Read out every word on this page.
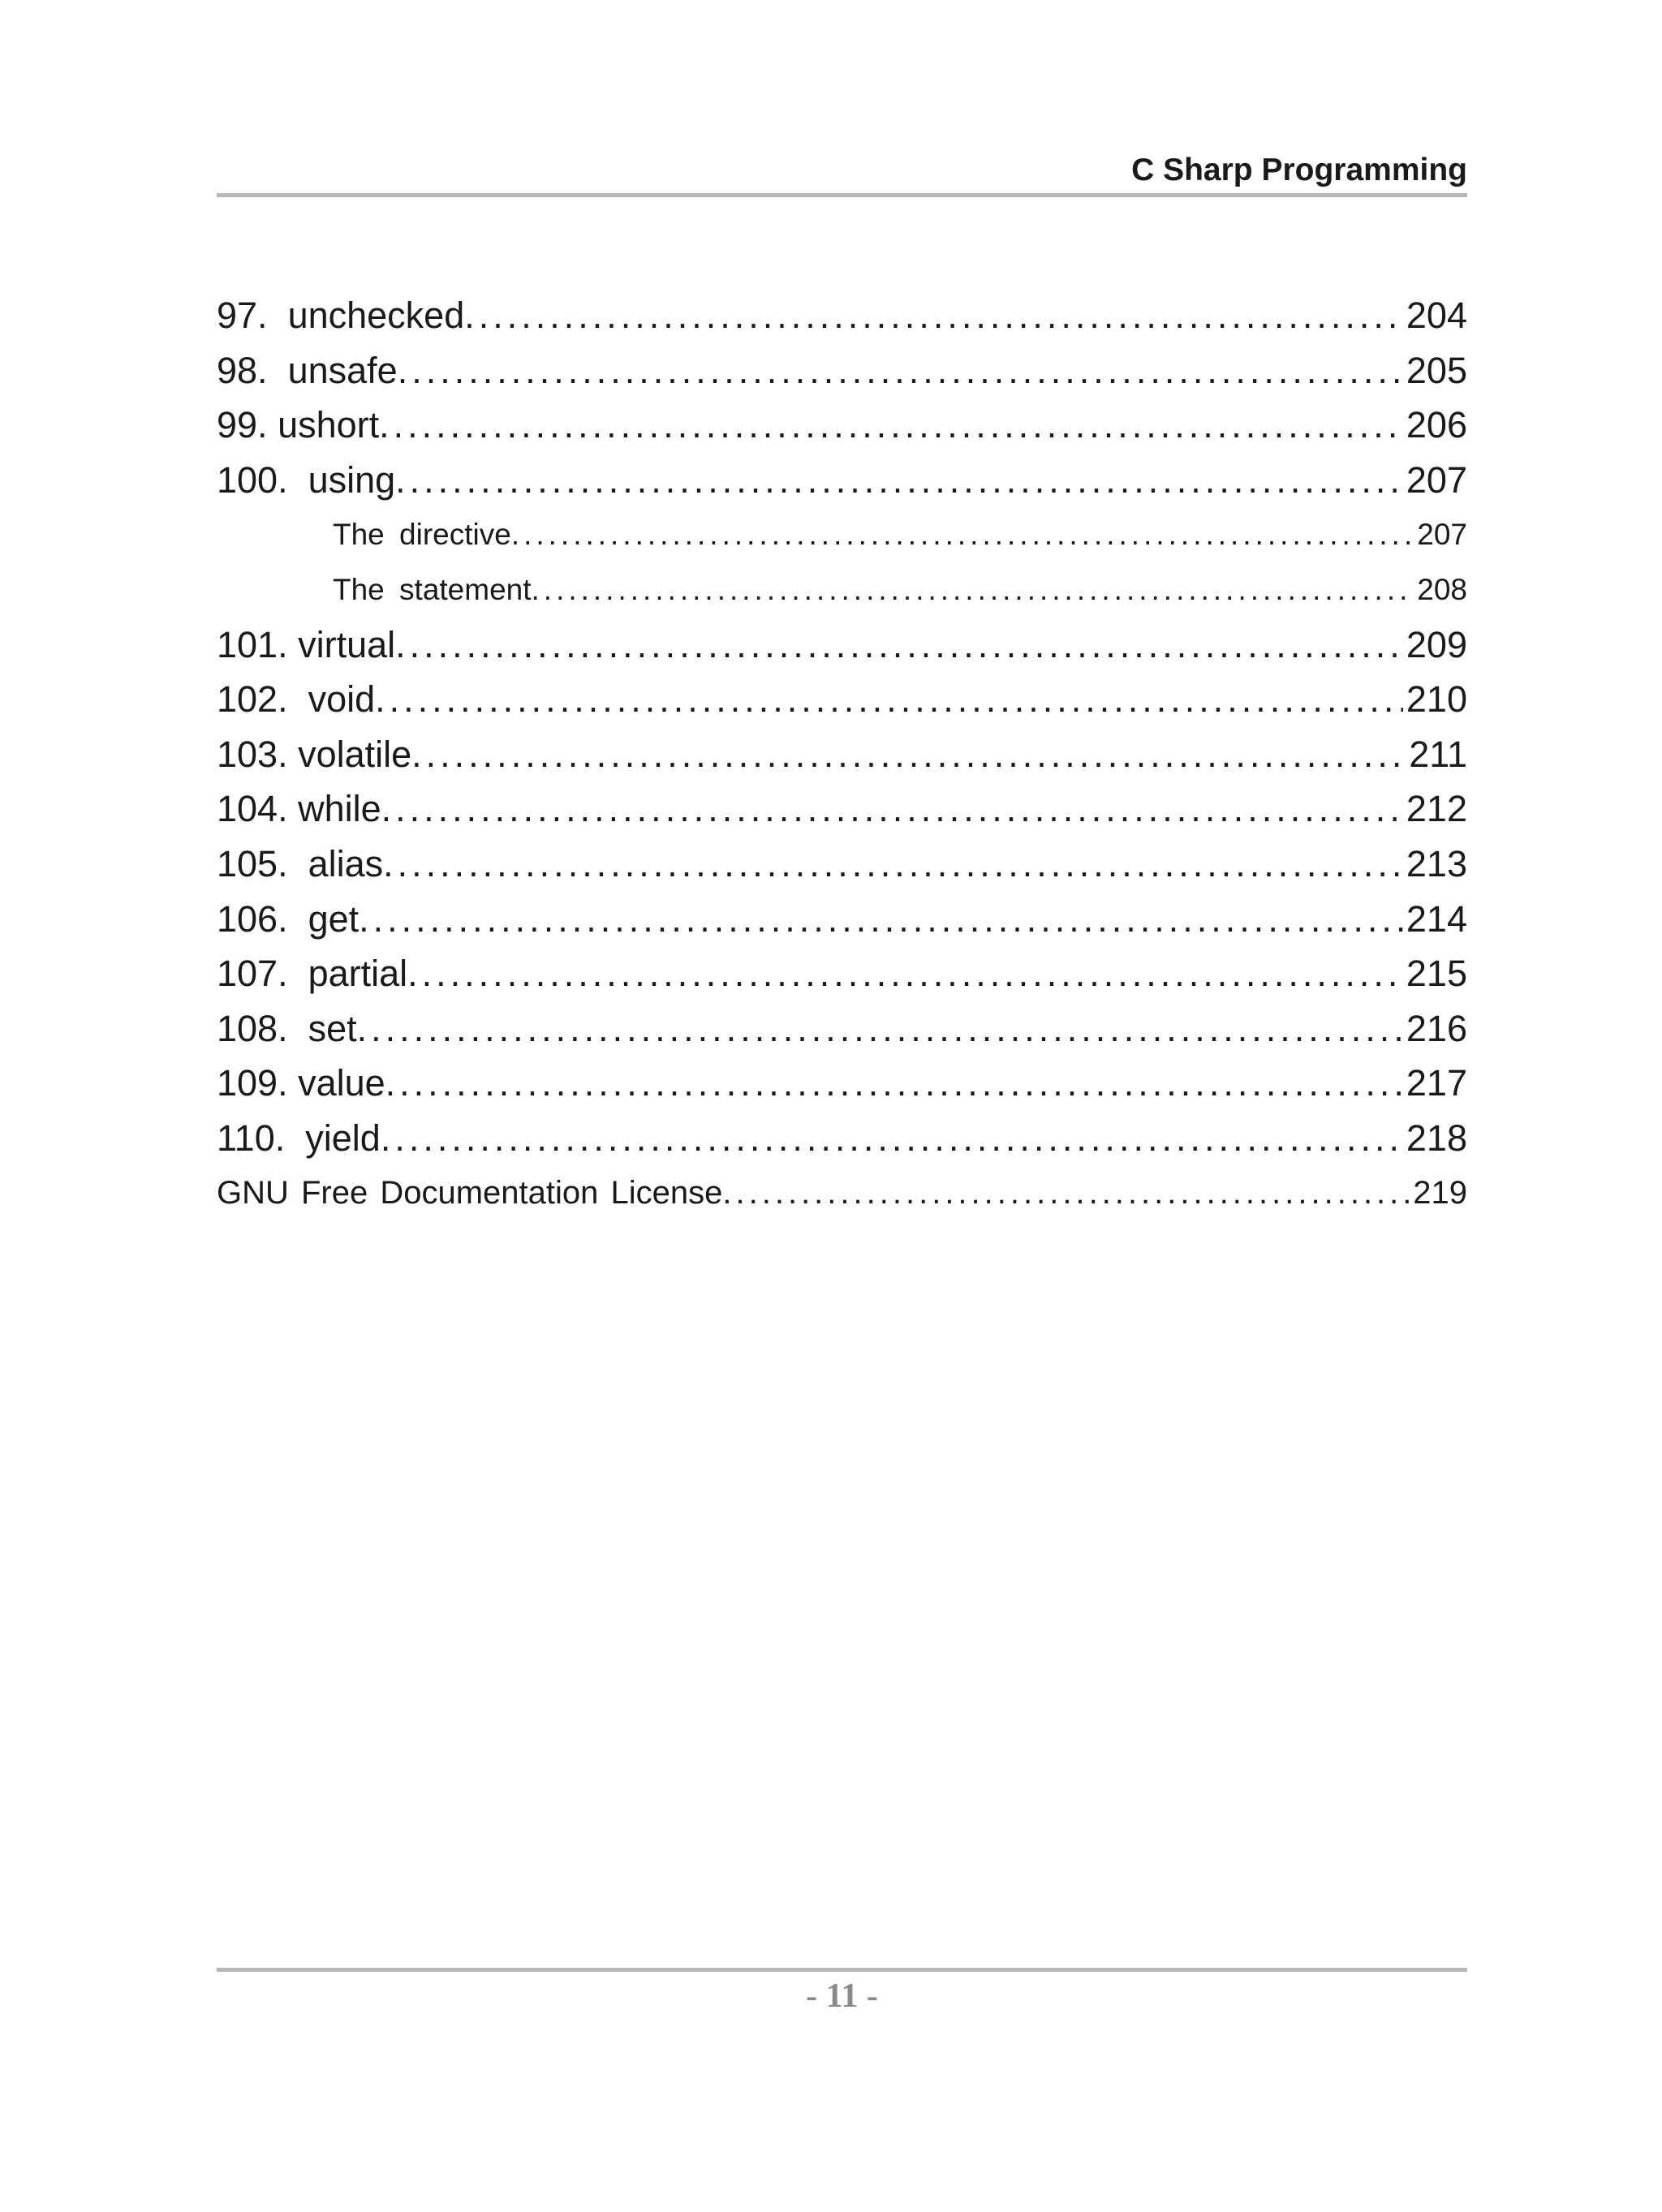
C Sharp Programming
97. unchecked .....	204
98. unsafe .....	205
99. ushort .....	206
100. using .....	207
The directive .....	207
The statement .....	208
101. virtual .....	209
102. void .....	210
103. volatile .....	211
104. while .....	212
105. alias .....	213
106. get .....	214
107. partial .....	215
108. set .....	216
109. value .....	217
110. yield .....	218
GNU Free Documentation License .....	219
- 11 -
